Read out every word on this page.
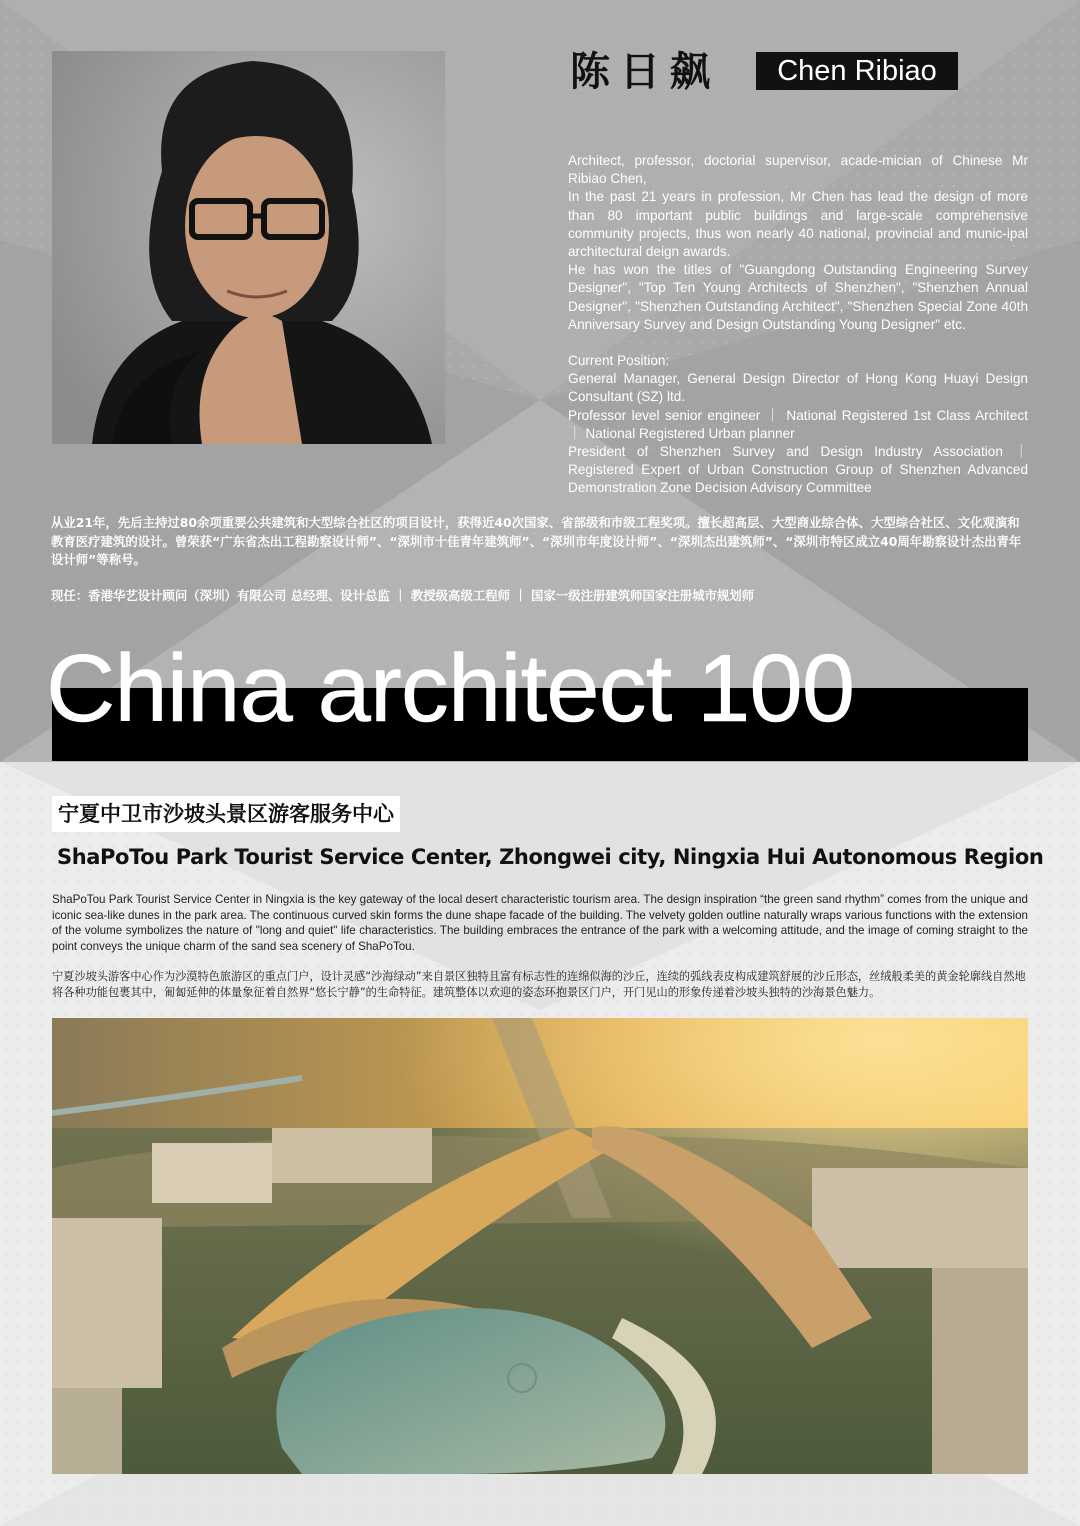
陈日飙	Chen Ribiao

Architect, professor, doctorial supervisor, acade-mician of Chinese Mr Ribiao Chen,

In the past 21 years in profession, Mr Chen has lead the design of more than 80 important public buildings and large-scale comprehensive community projects, thus won nearly 40 national, provincial and munic-ipal architectural deign awards.

He has won the titles of "Guangdong Outstanding Engineering Survey Designer", "Top Ten Young Architects of Shenzhen", "Shenzhen Annual Designer", "Shenzhen Outstanding Architect", "Shenzhen Special Zone 40th Anniversary Survey and Design Outstanding Young Designer" etc.

Current Position:

General Manager, General Design Director of Hong Kong Huayi Design Consultant (SZ) ltd.

Professor level senior engineer ｜ National Registered 1st Class Architect ｜ National Registered Urban planner

President of Shenzhen Survey and Design Industry Association ｜ Registered Expert of Urban Construction Group of Shenzhen Advanced Demonstration Zone Decision Advisory Committee

从业21年，先后主持过80余项重要公共建筑和大型综合社区的项目设计，获得近40次国家、省部级和市级工程奖项。擅长超高层、大型商业综合体、大型综合社区、文化观演和教育医疗建筑的设计。曾荣获“广东省杰出工程勘察设计师”、“深圳市十佳青年建筑师”、“深圳市年度设计师”、“深圳杰出建筑师”、“深圳市特区成立40周年勘察设计杰出青年设计师”等称号。
现任：香港华艺设计顾问（深圳）有限公司 总经理、设计总监 ｜ 教授级高级工程师 ｜ 国家一级注册建筑师国家注册城市规划师
China architect 100
宁夏中卫市沙坡头景区游客服务中心
ShaPoTou Park Tourist Service Center, Zhongwei city, Ningxia Hui Autonomous Region
ShaPoTou Park Tourist Service Center in Ningxia is the key gateway of the local desert characteristic tourism area. The design inspiration “the green sand rhythm” comes from the unique and iconic sea-like dunes in the park area. The continuous curved skin forms the dune shape facade of the building. The velvety golden outline naturally wraps various functions with the extension of the volume symbolizes the nature of "long and quiet" life characteristics. The building embraces the entrance of the park with a welcoming attitude, and the image of coming straight to the point conveys the unique charm of the sand sea scenery of ShaPoTou.
宁夏沙坡头游客中心作为沙漠特色旅游区的重点门户，设计灵感“沙海绿动”来自景区独特且富有标志性的连绵似海的沙丘，连续的弧线表皮构成建筑舒展的沙丘形态，丝绒般柔美的黄金轮廓线自然地将各种功能包裹其中，匍匐延伸的体量象征着自然界“悠长宁静”的生命特征。建筑整体以欢迎的姿态环抱景区门户，开门见山的形象传递着沙坡头独特的沙海景色魅力。
